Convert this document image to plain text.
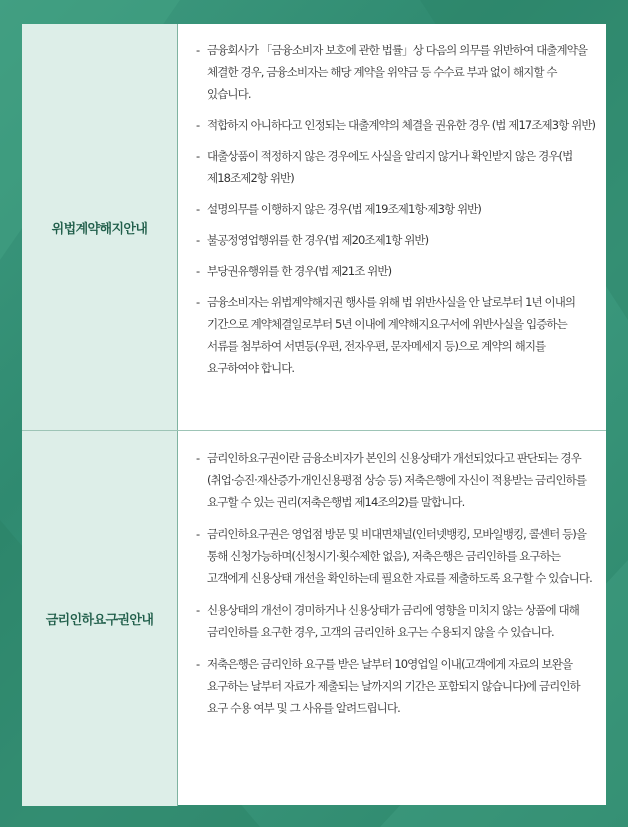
위법계약해지안내
- 금융회사가 「금융소비자 보호에 관한 법률」상 다음의 의무를 위반하여 대출계약을 체결한 경우, 금융소비자는 해당 계약을 위약금 등 수수료 부과 없이 해지할 수 있습니다.
- 적합하지 아니하다고 인정되는 대출계약의 체결을 권유한 경우 (법 제17조제3항 위반)
- 대출상품이 적정하지 않은 경우에도 사실을 알리지 않거나 확인받지 않은 경우(법 제18조제2항 위반)
- 설명의무를 이행하지 않은 경우(법 제19조제1항·제3항 위반)
- 불공정영업행위를 한 경우(법 제20조제1항 위반)
- 부당권유행위를 한 경우(법 제21조 위반)
- 금융소비자는 위법계약해지권 행사를 위해 법 위반사실을 안 날로부터 1년 이내의 기간으로 계약체결일로부터 5년 이내에 계약해지요구서에 위반사실을 입증하는 서류를 첨부하여 서면등(우편, 전자우편, 문자메세지 등)으로 계약의 해지를 요구하여야 합니다.
금리인하요구권안내
- 금리인하요구권이란 금융소비자가 본인의 신용상태가 개선되었다고 판단되는 경우(취업·승진·재산증가·개인신용평점 상승 등) 저축은행에 자신이 적용받는 금리인하를 요구할 수 있는 권리(저축은행법 제14조의2)를 말합니다.
- 금리인하요구권은 영업점 방문 및 비대면채널(인터넷뱅킹, 모바일뱅킹, 콜센터 등)을 통해 신청가능하며(신청시기·횟수제한 없음), 저축은행은 금리인하를 요구하는 고객에게 신용상태 개선을 확인하는데 필요한 자료를 제출하도록 요구할 수 있습니다.
- 신용상태의 개선이 경미하거나 신용상태가 금리에 영향을 미치지 않는 상품에 대해 금리인하를 요구한 경우, 고객의 금리인하 요구는 수용되지 않을 수 있습니다.
- 저축은행은 금리인하 요구를 받은 날부터 10영업일 이내(고객에게 자료의 보완을 요구하는 날부터 자료가 제출되는 날까지의 기간은 포함되지 않습니다)에 금리인하 요구 수용 여부 및 그 사유를 알려드립니다.
